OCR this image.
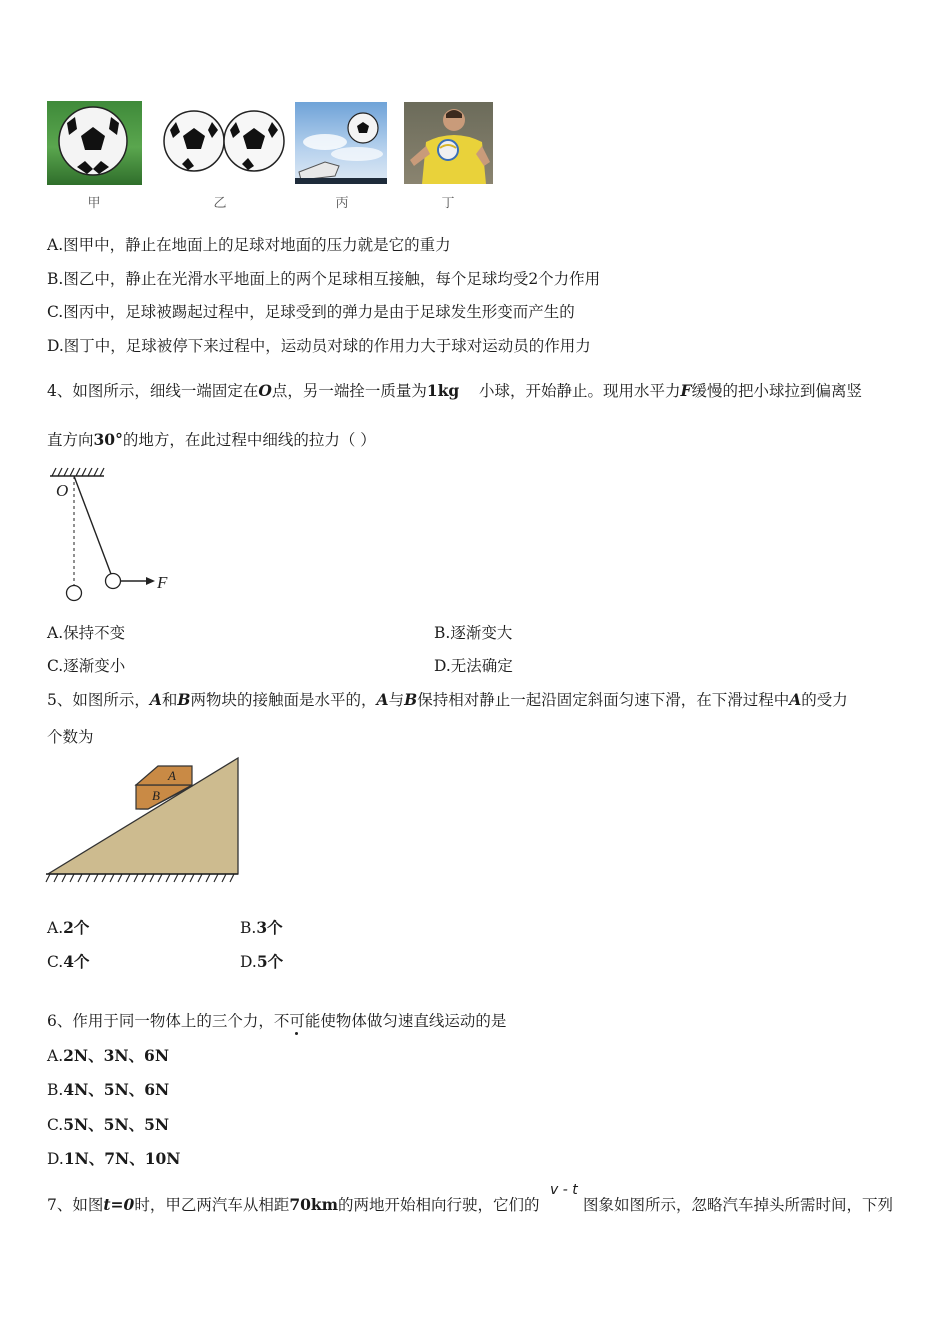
甲	乙	丙	丁
A.图甲中，静止在地面上的足球对地面的压力就是它的重力
B.图乙中，静止在光滑水平地面上的两个足球相互接触，每个足球均受2个力作用
C.图丙中，足球被踢起过程中，足球受到的弹力是由于足球发生形变而产生的
D.图丁中，足球被停下来过程中，运动员对球的作用力大于球对运动员的作用力
4、如图所示，细线一端固定在O点，另一端拴一质量为1kg 小球，开始静止。现用水平力F缓慢的把小球拉到偏离竖
直方向30°的地方，在此过程中细线的拉力（ ）
O
F
A.保持不变	B.逐渐变大
C.逐渐变小	D.无法确定
5、如图所示，A和B两物块的接触面是水平的，A与B保持相对静止一起沿固定斜面匀速下滑，在下滑过程中A的受力
个数为
A
B
A.2个	B.3个
C.4个	D.5个
6、作用于同一物体上的三个力，不可能使物体做匀速直线运动的是
A.2N、3N、6N
B.4N、5N、6N
C.5N、5N、5N
D.1N、7N、10N
7、如图t=0时，甲乙两汽车从相距70km的两地开始相向行驶，它们的
v - t
图象如图所示，忽略汽车掉头所需时间，下列
